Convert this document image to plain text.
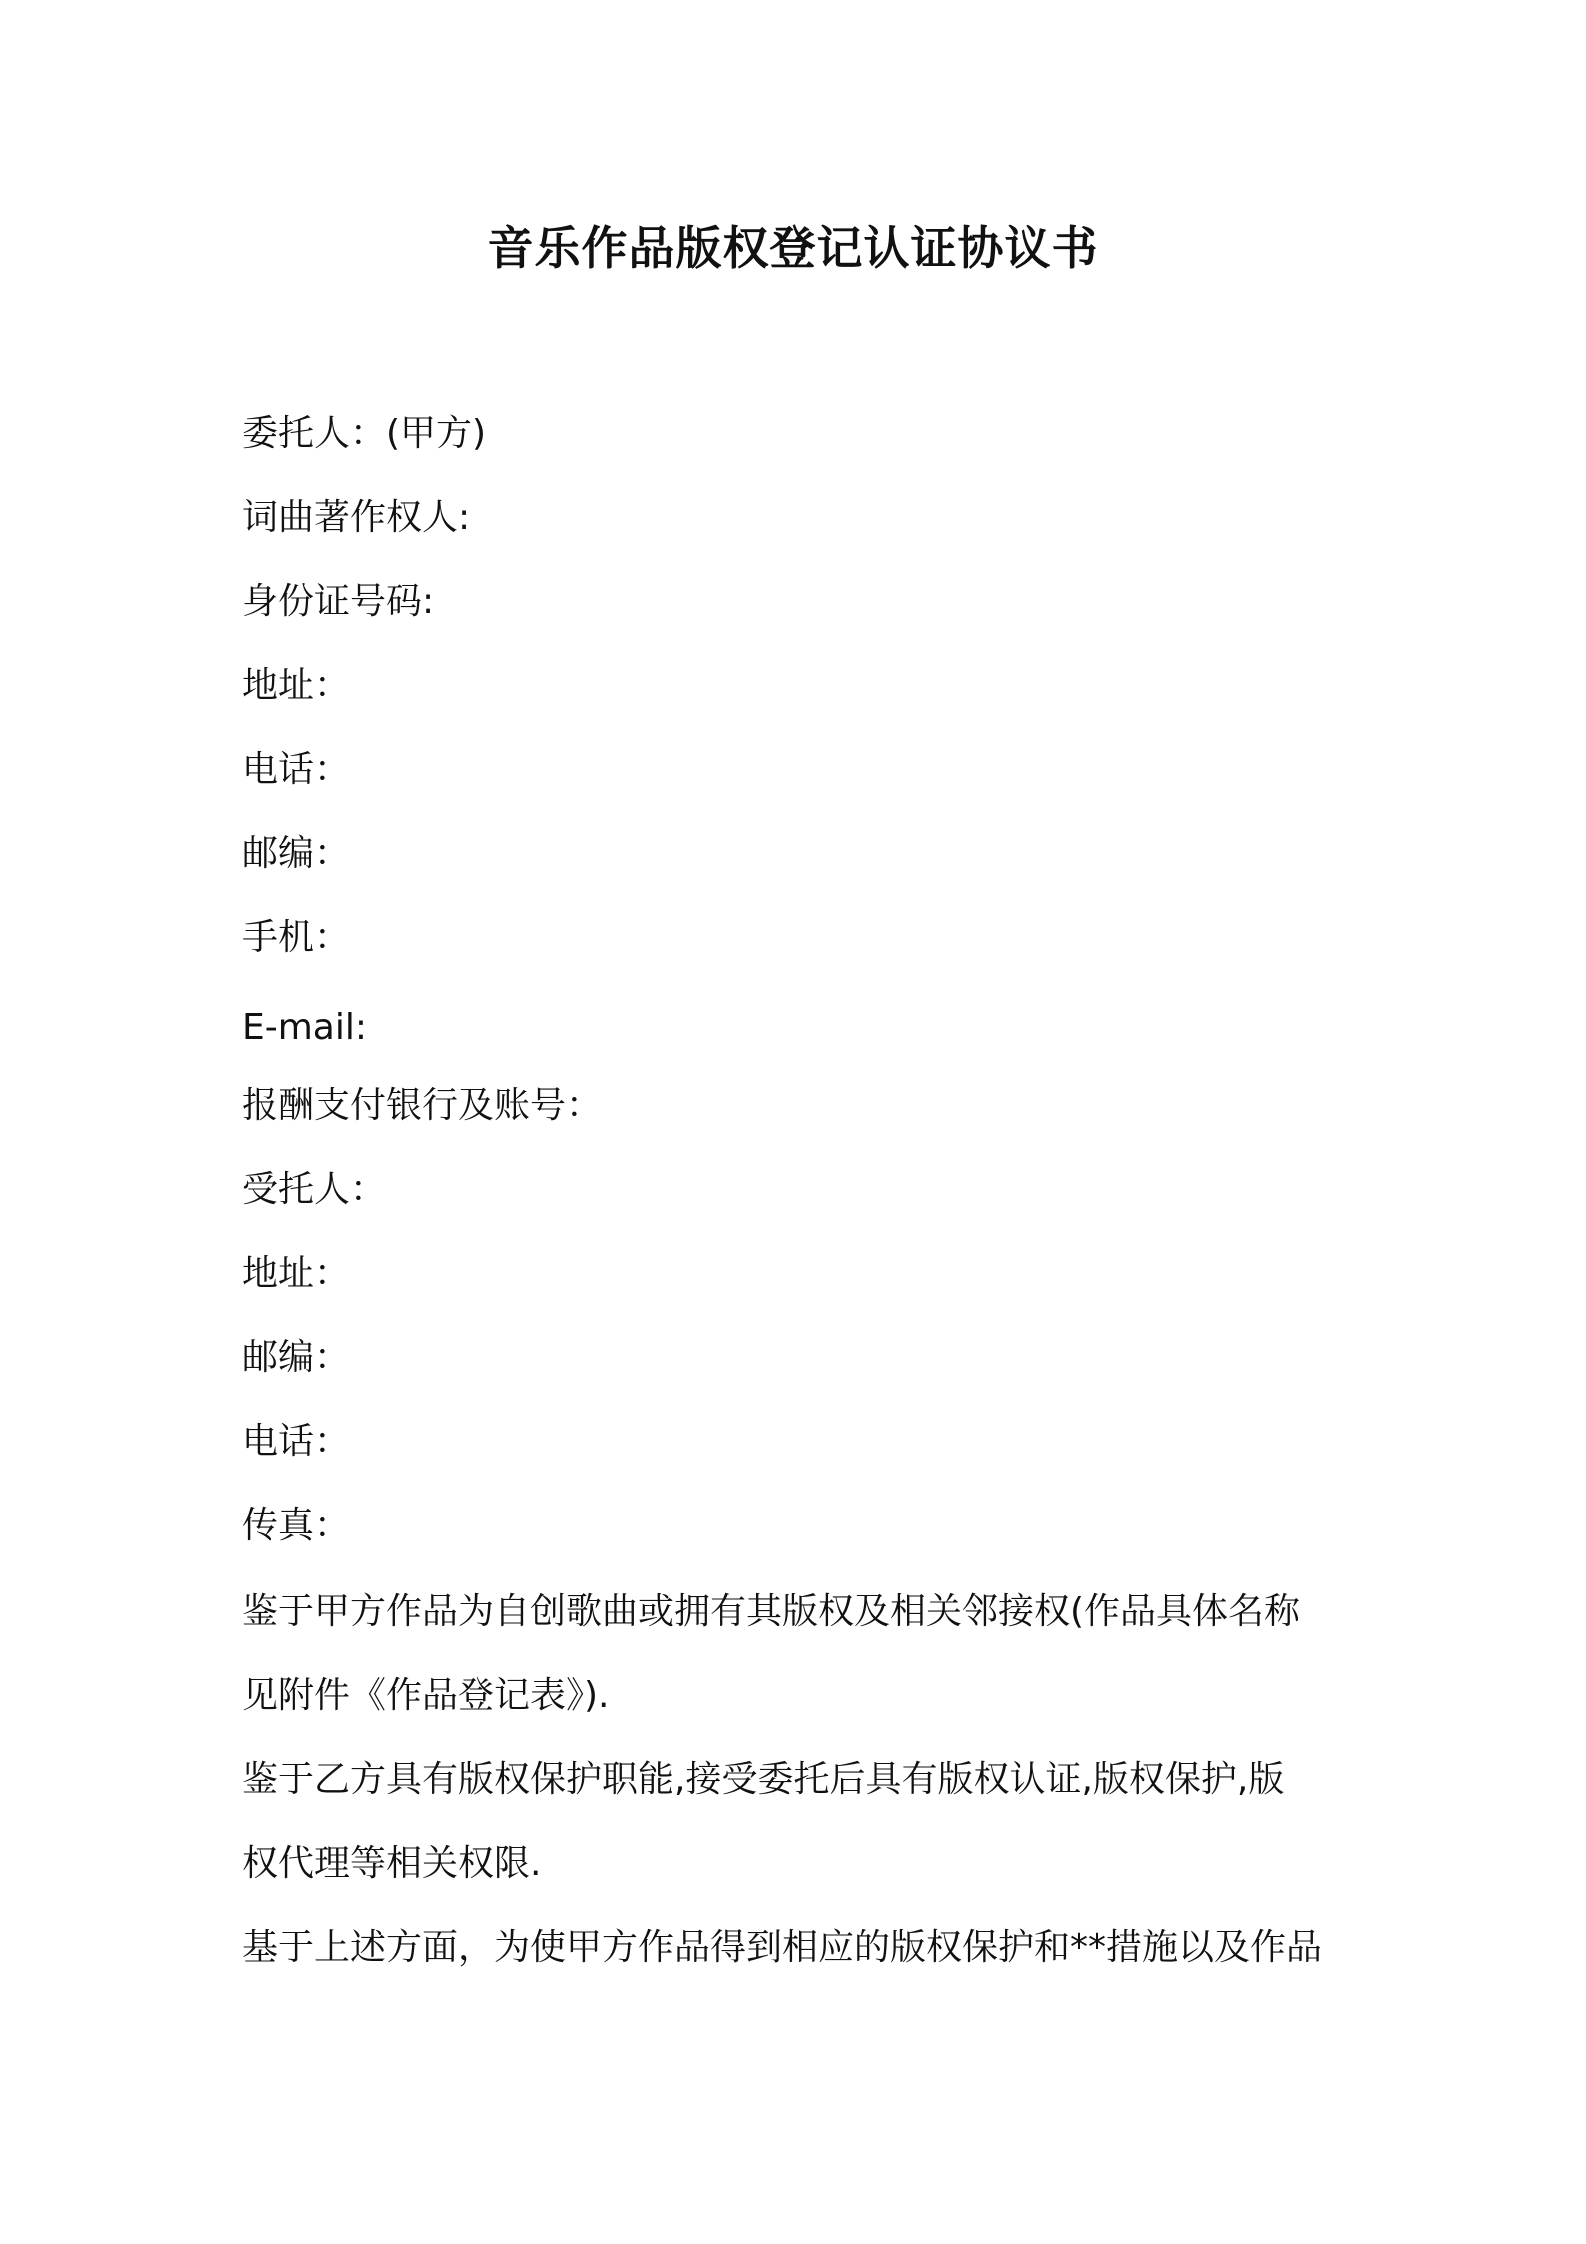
音乐作品版权登记认证协议书
委托人：(甲方)
词曲著作权人:
身份证号码:
地址：
电话：
邮编：
手机：
E-mail:
报酬支付银行及账号：
受托人：
地址：
邮编：
电话：
传真：
鉴于甲方作品为自创歌曲或拥有其版权及相关邻接权(作品具体名称
见附件《作品登记表》).
鉴于乙方具有版权保护职能,接受委托后具有版权认证,版权保护,版
权代理等相关权限.
基于上述方面，为使甲方作品得到相应的版权保护和**措施以及作品
